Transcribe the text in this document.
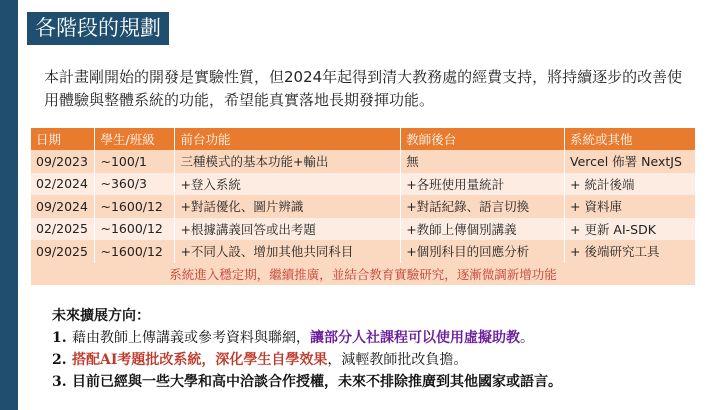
各階段的規劃
本計畫剛開始的開發是實驗性質，但2024年起得到清大教務處的經費支持，將持續逐步的改善使用體驗與整體系統的功能，希望能真實落地長期發揮功能。
日期	學生/班級	前台功能	教師後台	系統或其他
09/2023	~100/1	三種模式的基本功能+輸出	無	Vercel 佈署 NextJS
02/2024	~360/3	+登入系統	+各班使用量統計	+ 統計後端
09/2024	~1600/12	+對話優化、圖片辨識	+對話紀錄、語言切換	+ 資料庫
02/2025	~1600/12	+根據講義回答或出考題	+教師上傳個別講義	+ 更新 AI-SDK
09/2025	~1600/12	+不同人設、增加其他共同科目	+個別科目的回應分析	+ 後端研究工具
系統進入穩定期，繼續推廣，並結合教育實驗研究，逐漸微調新增功能				
未來擴展方向：
1. 藉由教師上傳講義或參考資料與聯網，讓部分人社課程可以使用虛擬助教。
2. 搭配AI考題批改系統，深化學生自學效果，減輕教師批改負擔。
3. 目前已經與一些大學和高中洽談合作授權，未來不排除推廣到其他國家或語言。
